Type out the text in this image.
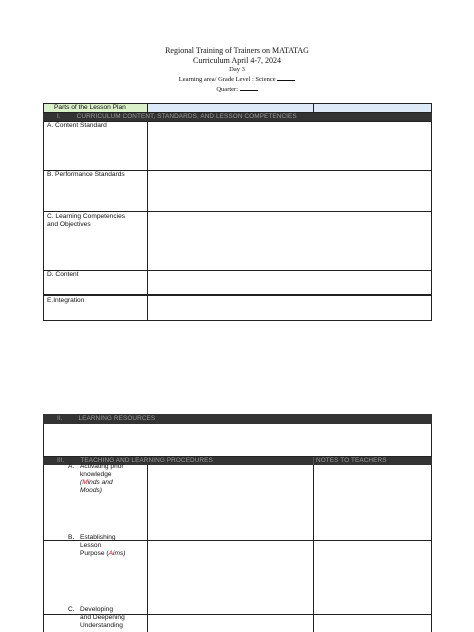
Regional Training of Trainers on MATATAG
Curriculum April 4-7, 2024
Day 3
Learning area/ Grade Level : Science
Quarter:
Parts of the Lesson Plan
I. CURRICULUM CONTENT, STANDARDS, AND LESSON COMPETENCIES
A. Content Standard
B. Performance Standards
C. Learning Competencies
and Objectives
D. Content
E.Integration
II. LEARNING RESOURCES
III. TEACHING AND LEARNING PROCEDURES	NOTES TO TEACHERS
A. Activating prior
knowledge
(Minds and
Moods)
B. Establishing
Lesson
Purpose (Aims)
C. Developing
and Deepening
Understanding
